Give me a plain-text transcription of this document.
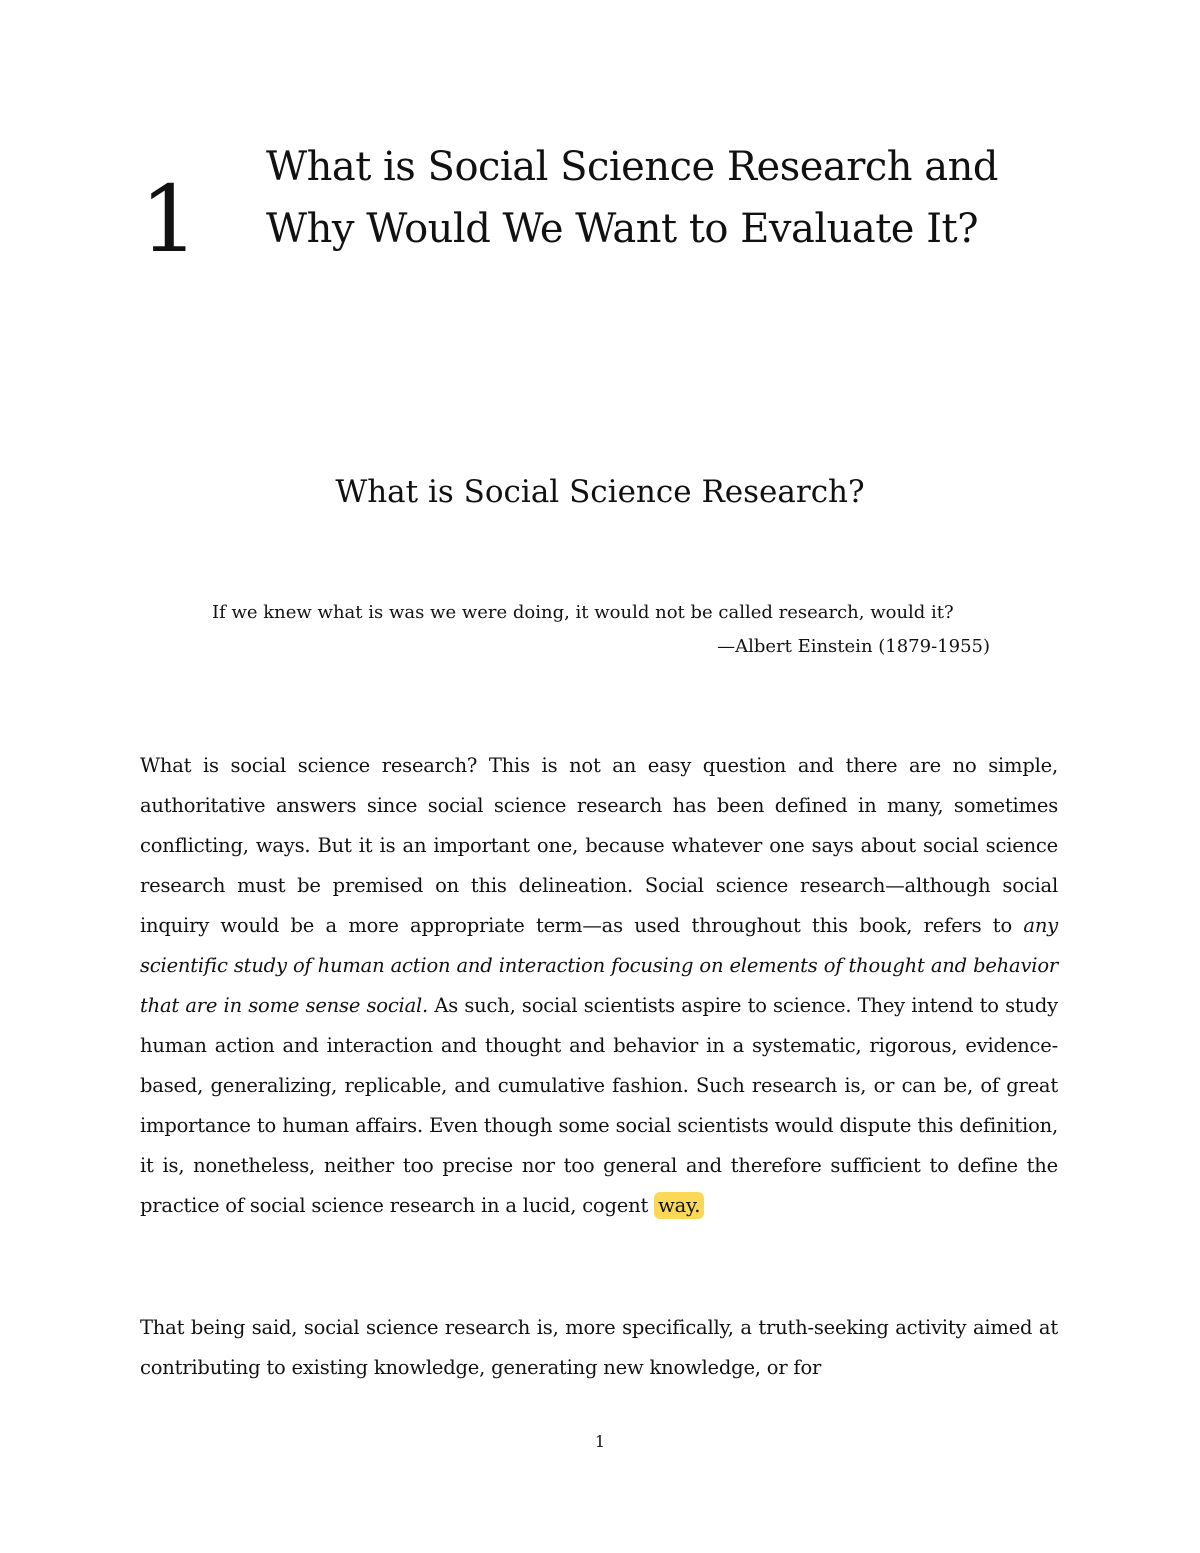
1 What is Social Science Research and Why Would We Want to Evaluate It?
What is Social Science Research?
If we knew what is was we were doing, it would not be called research, would it?
—Albert Einstein (1879-1955)

What is social science research? This is not an easy question and there are no simple, authoritative answers since social science research has been defined in many, sometimes conflicting, ways. But it is an important one, because whatever one says about social science research must be premised on this delineation. Social science research—although social inquiry would be a more appropriate term—as used throughout this book, refers to any scientific study of human action and interaction focusing on elements of thought and behavior that are in some sense social. As such, social scientists aspire to science. They intend to study human action and interaction and thought and behavior in a systematic, rigorous, evidence-based, generalizing, replicable, and cumulative fashion. Such research is, or can be, of great importance to human affairs. Even though some social scientists would dispute this definition, it is, nonetheless, neither too precise nor too general and therefore sufficient to define the practice of social science research in a lucid, cogent way.

That being said, social science research is, more specifically, a truth-seeking activity aimed at contributing to existing knowledge, generating new knowledge, or for

1
